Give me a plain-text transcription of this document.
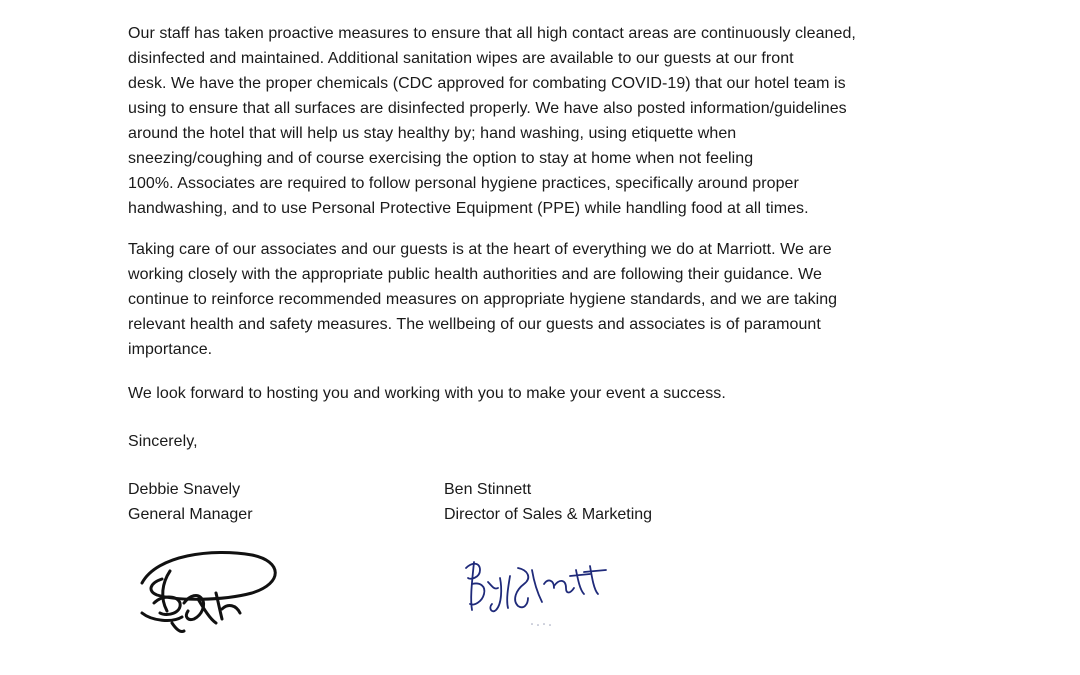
Our staff has taken proactive measures to ensure that all high contact areas are continuously cleaned,
disinfected and maintained. Additional sanitation wipes are available to our guests at our front
desk. We have the proper chemicals (CDC approved for combating COVID-19) that our hotel team is
using to ensure that all surfaces are disinfected properly. We have also posted information/guidelines
around the hotel that will help us stay healthy by; hand washing, using etiquette when
sneezing/coughing and of course exercising the option to stay at home when not feeling
100%. Associates are required to follow personal hygiene practices, specifically around proper
handwashing, and to use Personal Protective Equipment (PPE) while handling food at all times.
Taking care of our associates and our guests is at the heart of everything we do at Marriott. We are
working closely with the appropriate public health authorities and are following their guidance. We
continue to reinforce recommended measures on appropriate hygiene standards, and we are taking
relevant health and safety measures. The wellbeing of our guests and associates is of paramount
importance.
We look forward to hosting you and working with you to make your event a success.
Sincerely,
Debbie Snavely
General Manager
Ben Stinnett
Director of Sales & Marketing
